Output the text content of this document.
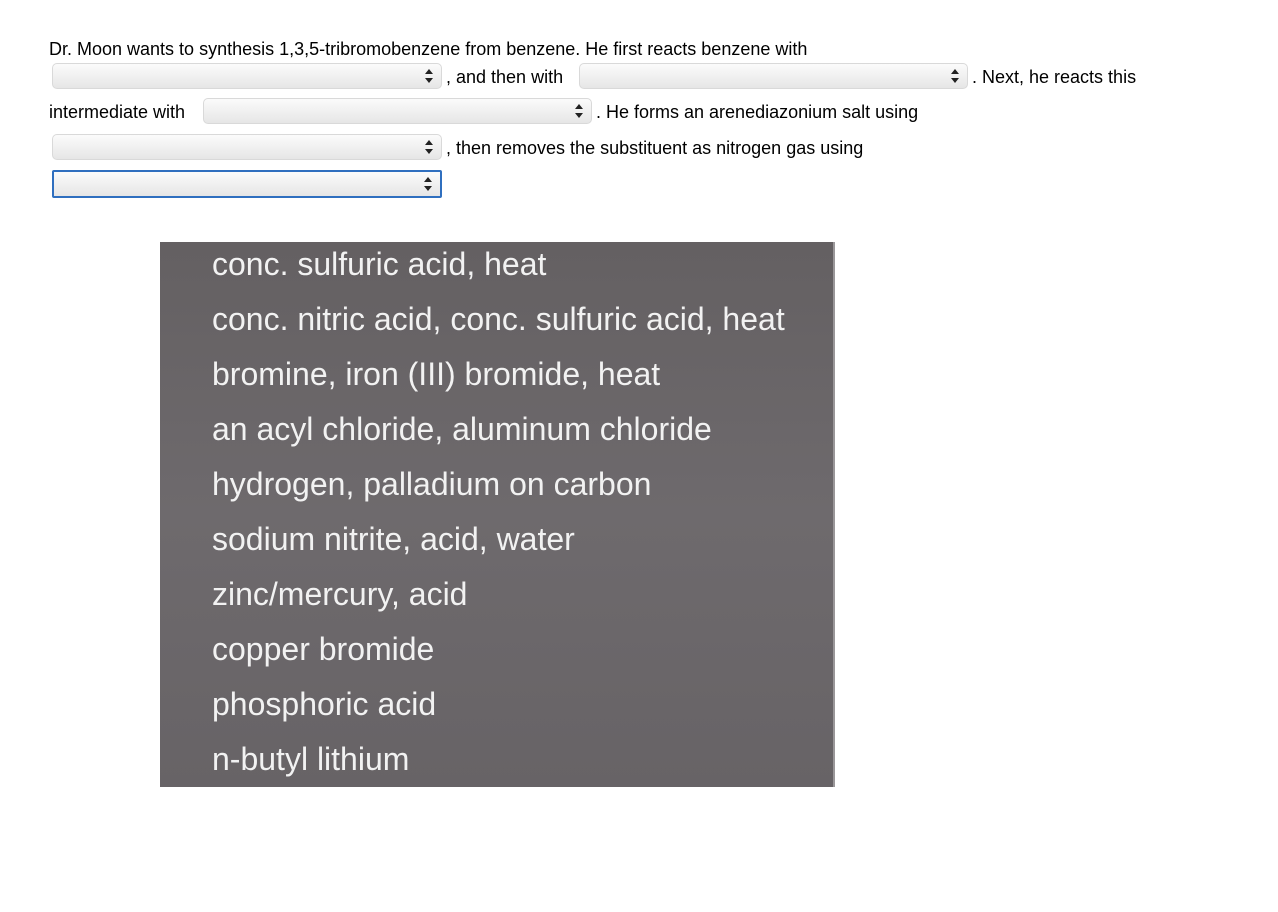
Dr. Moon wants to synthesis 1,3,5-tribromobenzene from benzene. He first reacts benzene with
, and then with	. Next, he reacts this
intermediate with	. He forms an arenediazonium salt using
, then removes the substituent as nitrogen gas using
conc. sulfuric acid, heat
conc. nitric acid, conc. sulfuric acid, heat
bromine, iron (III) bromide, heat
an acyl chloride, aluminum chloride
hydrogen, palladium on carbon
sodium nitrite, acid, water
zinc/mercury, acid
copper bromide
phosphoric acid
n-butyl lithium
